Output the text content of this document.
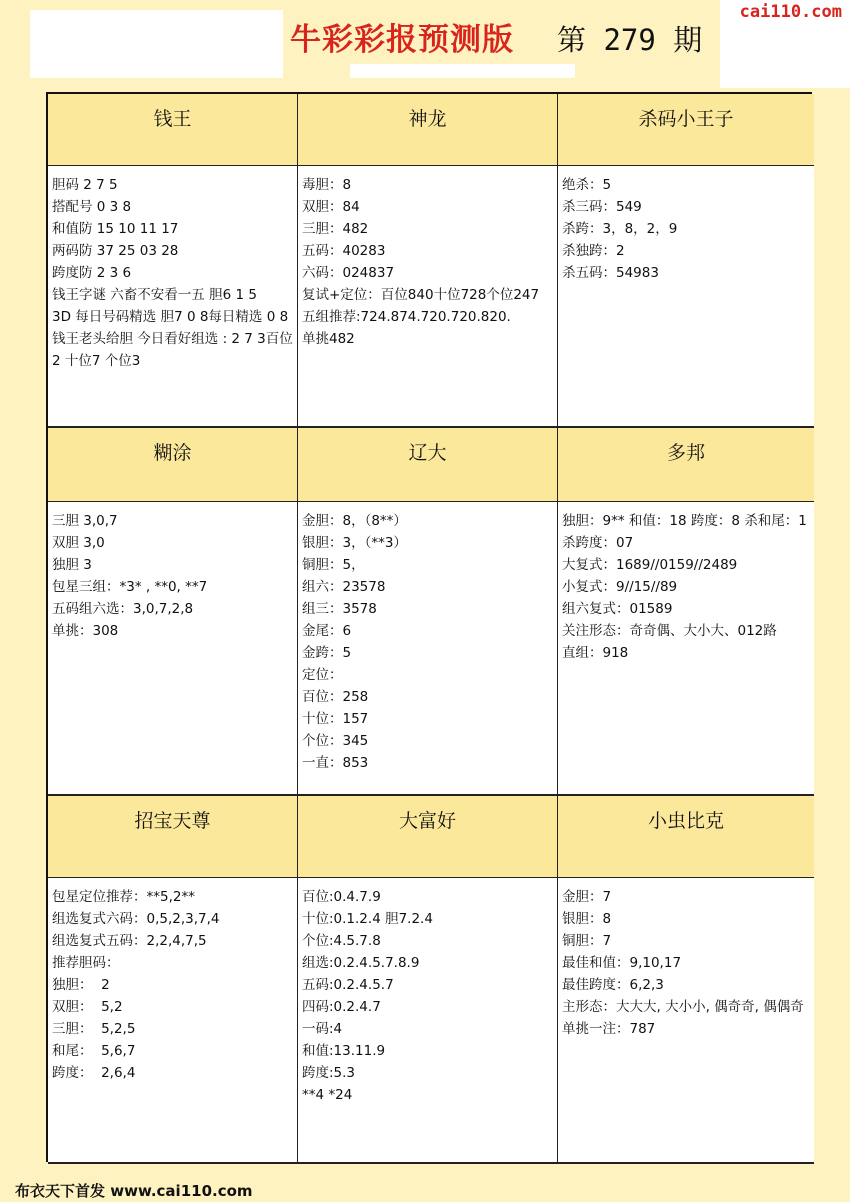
cai110.com
牛彩彩报预测版 第 279 期
钱王	神龙	杀码小王子
胆码 2 7 5
搭配号 0 3 8
和值防 15 10 11 17
两码防 37 25 03 28
跨度防 2 3 6
钱王字谜 六畜不安看一五 胆6 1 5
3D 每日号码精选 胆7 0 8每日精选 0 8
钱王老头给胆 今日看好组选 : 2 7 3百位2 十位7 个位3
毒胆：8
双胆：84
三胆：482
五码：40283
六码：024837
复试+定位：百位840十位728个位247
五组推荐:724.874.720.720.820.
单挑482
绝杀：5
杀三码：549
杀跨：3，8，2，9
杀独跨：2
杀五码：54983
糊涂	辽大	多邦
三胆 3,0,7
双胆 3,0
独胆 3
包星三组：*3* , **0, **7
五码组六选：3,0,7,2,8
单挑：308
金胆：8，（8**）
银胆：3，（**3）
铜胆：5，
组六：23578
组三：3578
金尾：6
金跨：5
定位：
百位：258
十位：157
个位：345
一直：853
独胆：9** 和值：18 跨度：8 杀和尾：1 杀跨度：07
大复式：1689//0159//2489
小复式：9//15//89
组六复式：01589
关注形态：奇奇偶、大小大、012路
直组：918
招宝天尊	大富好	小虫比克
包星定位推荐：**5,2**
组选复式六码：0,5,2,3,7,4
组选复式五码：2,2,4,7,5
推荐胆码：
独胆：  2
双胆：  5,2
三胆：  5,2,5
和尾：  5,6,7
跨度：  2,6,4
百位:0.4.7.9
十位:0.1.2.4 胆7.2.4
个位:4.5.7.8
组选:0.2.4.5.7.8.9
五码:0.2.4.5.7
四码:0.2.4.7
一码:4
和值:13.11.9
跨度:5.3
**4 *24
金胆：7
银胆：8
铜胆：7
最佳和值：9,10,17
最佳跨度：6,2,3
主形态：大大大, 大小小, 偶奇奇, 偶偶奇
单挑一注：787
布衣天下首发 www.cai110.com
